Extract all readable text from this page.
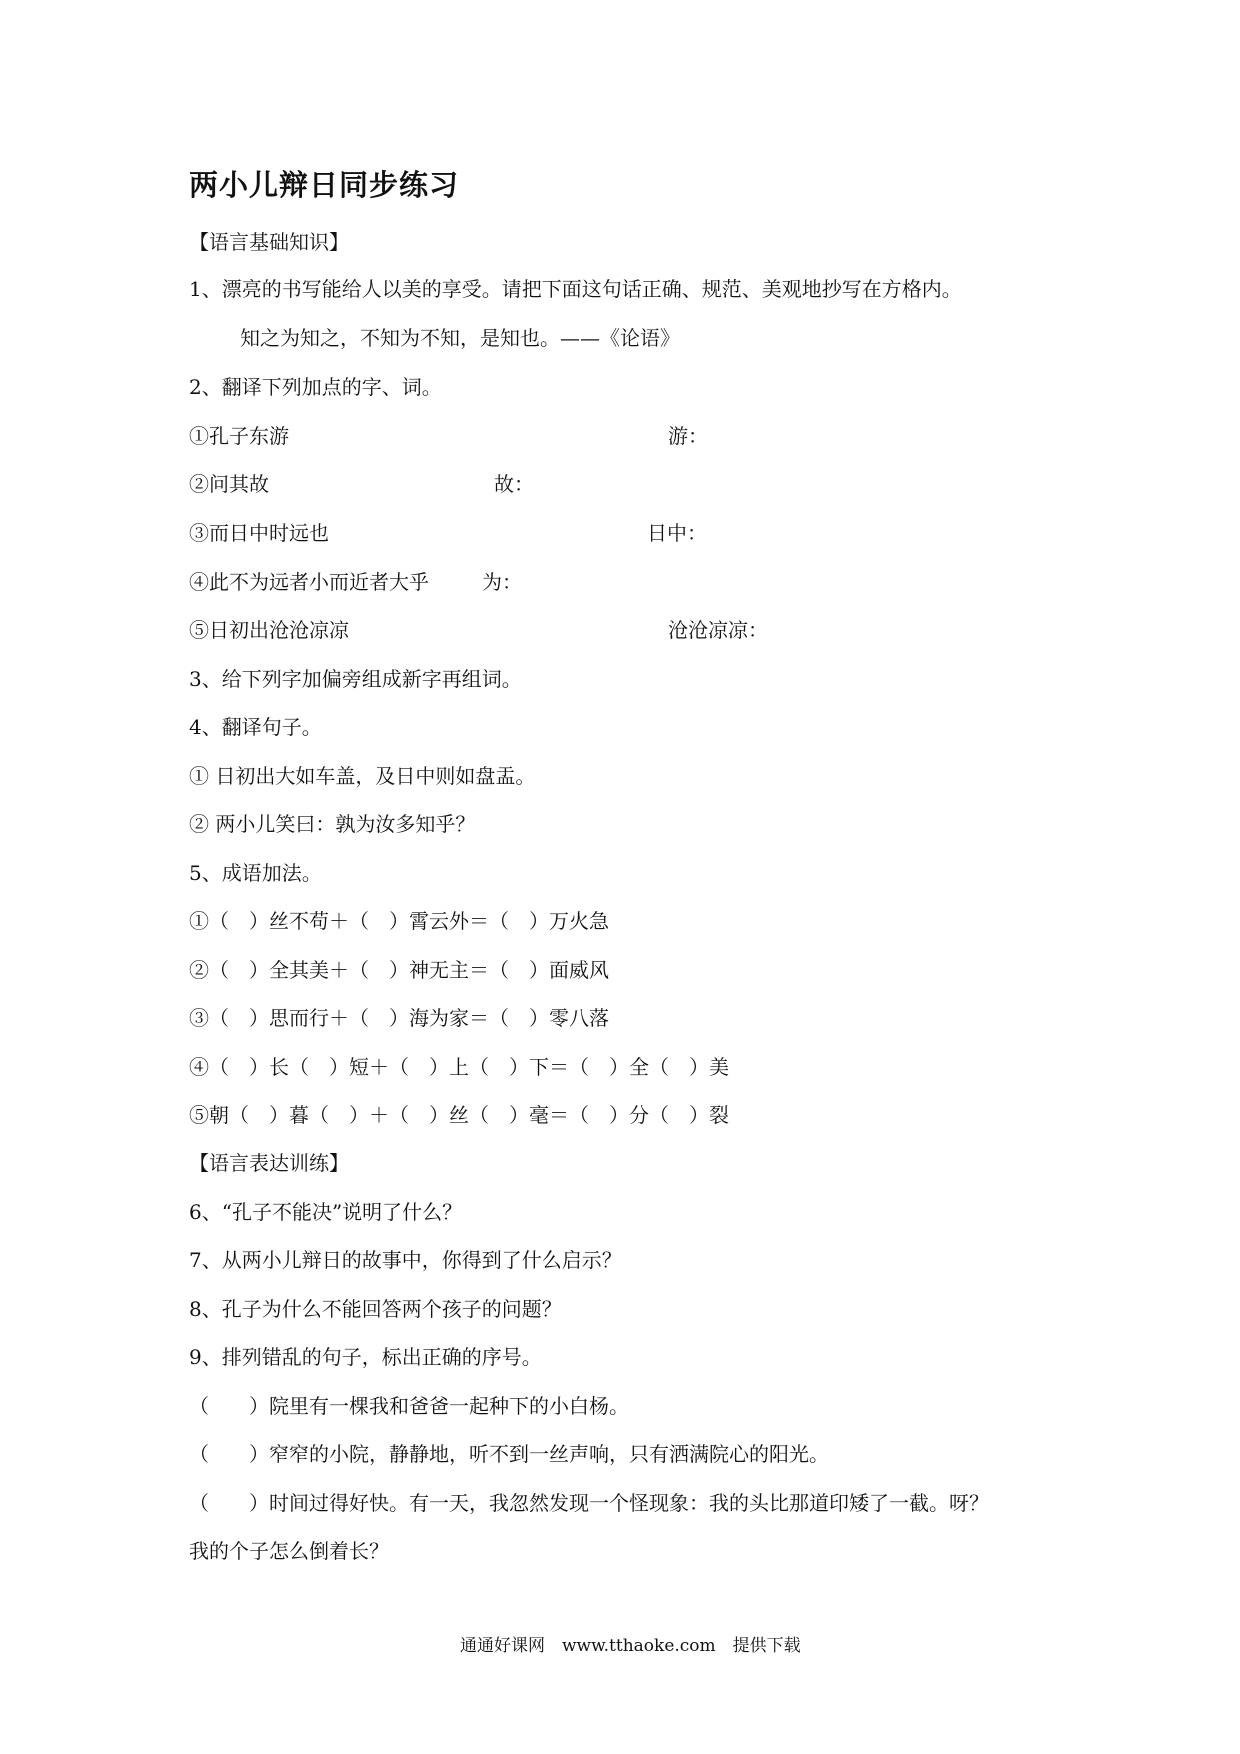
两小儿辩日同步练习
【语言基础知识】
1、漂亮的书写能给人以美的享受。请把下面这句话正确、规范、美观地抄写在方格内。
知之为知之，不知为不知，是知也。——《论语》
2、翻译下列加点的字、词。
①孔子东游	游：
②问其故	故：
③而日中时远也	日中：
④此不为远者小而近者大乎	为：
⑤日初出沧沧凉凉	沧沧凉凉：
3、给下列字加偏旁组成新字再组词。
4、翻译句子。
① 日初出大如车盖，及日中则如盘盂。
② 两小儿笑曰：孰为汝多知乎？
5、成语加法。
①（　）丝不苟＋（　）霄云外＝（　）万火急
②（　）全其美＋（　）神无主＝（　）面威风
③（　）思而行＋（　）海为家＝（　）零八落
④（　）长（　）短＋（　）上（　）下＝（　）全（　）美
⑤朝（　）暮（　）＋（　）丝（　）毫＝（　）分（　）裂
【语言表达训练】
6、“孔子不能决”说明了什么？
7、从两小儿辩日的故事中，你得到了什么启示？
8、孔子为什么不能回答两个孩子的问题？
9、排列错乱的句子，标出正确的序号。
（　　）院里有一棵我和爸爸一起种下的小白杨。
（　　）窄窄的小院，静静地，听不到一丝声响，只有洒满院心的阳光。
（　　）时间过得好快。有一天，我忽然发现一个怪现象：我的头比那道印矮了一截。呀？
我的个子怎么倒着长？
通通好课网　www.tthaoke.com　提供下载
